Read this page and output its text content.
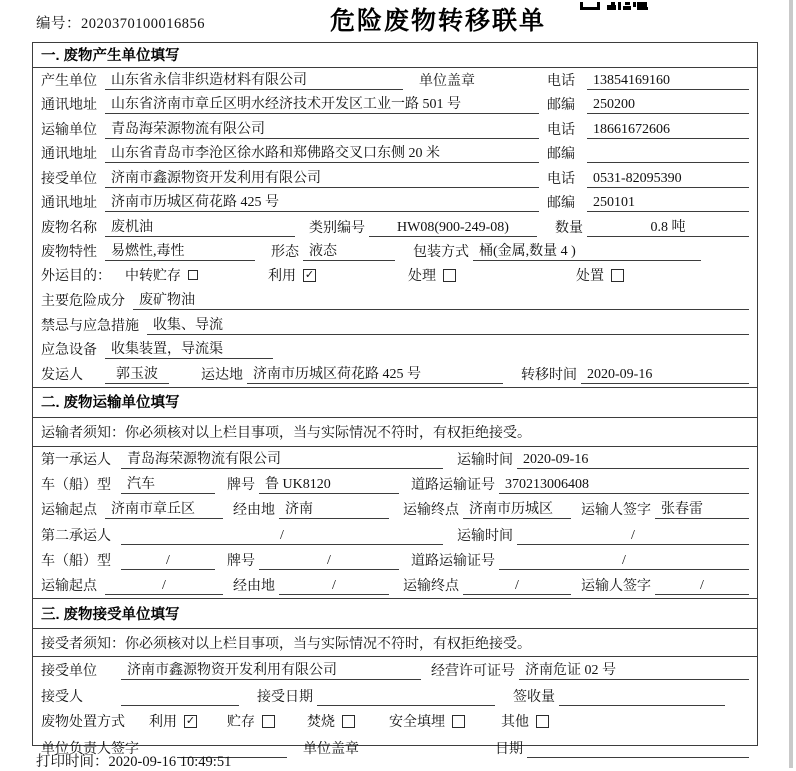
编号：2020370100016856	危险废物转移联单
一. 废物产生单位填写
产生单位	山东省永信非织造材料有限公司	单位盖章	电话	13854169160
通讯地址	山东省济南市章丘区明水经济技术开发区工业一路 501 号	邮编	250200
运输单位	青岛海荣源物流有限公司	电话	18661672606
通讯地址	山东省青岛市李沧区徐水路和郑佛路交叉口东侧 20 米	邮编
接受单位	济南市鑫源物资开发利用有限公司	电话	0531-82095390
通讯地址	济南市历城区荷花路 425 号	邮编	250101
废物名称	废机油	类别编号	HW08(900-249-08)	数量	0.8 吨
废物特性	易燃性,毒性	形态 液态	包装方式 桶(金属,数量 4 )
外运目的： 中转贮存	利用 ✓	处理	处置
主要危险成分	废矿物油
禁忌与应急措施	收集、导流
应急设备	收集装置，导流渠
发运人	郭玉波	运达地 济南市历城区荷花路 425 号	转移时间 2020-09-16
二. 废物运输单位填写
运输者须知：你必须核对以上栏目事项，当与实际情况不符时，有权拒绝接受。
第一承运人	青岛海荣源物流有限公司	运输时间 2020-09-16
车（船）型	汽车	牌号 鲁 UK8120	道路运输证号 370213006408
运输起点	济南市章丘区	经由地 济南	运输终点 济南市历城区	运输人签字 张春雷
第二承运人	/	运输时间	/
车（船）型	/	牌号	/	道路运输证号	/
运输起点	/	经由地	/	运输终点	/	运输人签字	/
三. 废物接受单位填写
接受者须知：你必须核对以上栏目事项，当与实际情况不符时，有权拒绝接受。
接受单位	济南市鑫源物资开发利用有限公司	经营许可证号 济南危证 02 号
接受人	接受日期	签收量
废物处置方式 利用 ✓ 贮存	焚烧	安全填埋	其他
单位负责人签字	单位盖章	日期
打印时间：2020-09-16 10:49:51
